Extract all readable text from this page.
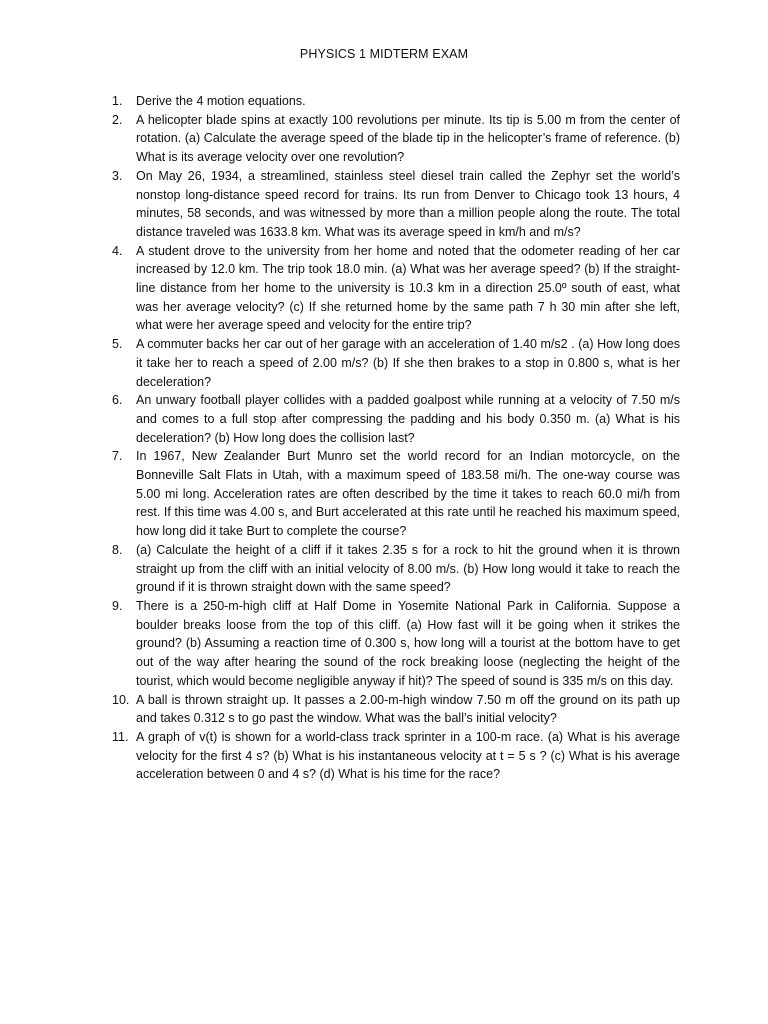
PHYSICS 1 MIDTERM EXAM
1.	Derive the 4 motion equations.
2.	A helicopter blade spins at exactly 100 revolutions per minute. Its tip is 5.00 m from the center of rotation. (a) Calculate the average speed of the blade tip in the helicopter’s frame of reference. (b) What is its average velocity over one revolution?
3.	On May 26, 1934, a streamlined, stainless steel diesel train called the Zephyr set the world’s nonstop long-distance speed record for trains. Its run from Denver to Chicago took 13 hours, 4 minutes, 58 seconds, and was witnessed by more than a million people along the route. The total distance traveled was 1633.8 km. What was its average speed in km/h and m/s?
4.	A student drove to the university from her home and noted that the odometer reading of her car increased by 12.0 km. The trip took 18.0 min. (a) What was her average speed? (b) If the straight-line distance from her home to the university is 10.3 km in a direction 25.0º south of east, what was her average velocity? (c) If she returned home by the same path 7 h 30 min after she left, what were her average speed and velocity for the entire trip?
5.	A commuter backs her car out of her garage with an acceleration of 1.40 m/s2 . (a) How long does it take her to reach a speed of 2.00 m/s? (b) If she then brakes to a stop in 0.800 s, what is her deceleration?
6.	An unwary football player collides with a padded goalpost while running at a velocity of 7.50 m/s and comes to a full stop after compressing the padding and his body 0.350 m. (a) What is his deceleration? (b) How long does the collision last?
7.	In 1967, New Zealander Burt Munro set the world record for an Indian motorcycle, on the Bonneville Salt Flats in Utah, with a maximum speed of 183.58 mi/h. The one-way course was 5.00 mi long. Acceleration rates are often described by the time it takes to reach 60.0 mi/h from rest. If this time was 4.00 s, and Burt accelerated at this rate until he reached his maximum speed, how long did it take Burt to complete the course?
8.	(a) Calculate the height of a cliff if it takes 2.35 s for a rock to hit the ground when it is thrown straight up from the cliff with an initial velocity of 8.00 m/s. (b) How long would it take to reach the ground if it is thrown straight down with the same speed?
9.	There is a 250-m-high cliff at Half Dome in Yosemite National Park in California. Suppose a boulder breaks loose from the top of this cliff. (a) How fast will it be going when it strikes the ground? (b) Assuming a reaction time of 0.300 s, how long will a tourist at the bottom have to get out of the way after hearing the sound of the rock breaking loose (neglecting the height of the tourist, which would become negligible anyway if hit)? The speed of sound is 335 m/s on this day.
10. A ball is thrown straight up. It passes a 2.00-m-high window 7.50 m off the ground on its path up and takes 0.312 s to go past the window. What was the ball’s initial velocity?
11. A graph of v(t) is shown for a world-class track sprinter in a 100-m race. (a) What is his average velocity for the first 4 s? (b) What is his instantaneous velocity at t = 5 s ? (c) What is his average acceleration between 0 and 4 s? (d) What is his time for the race?
